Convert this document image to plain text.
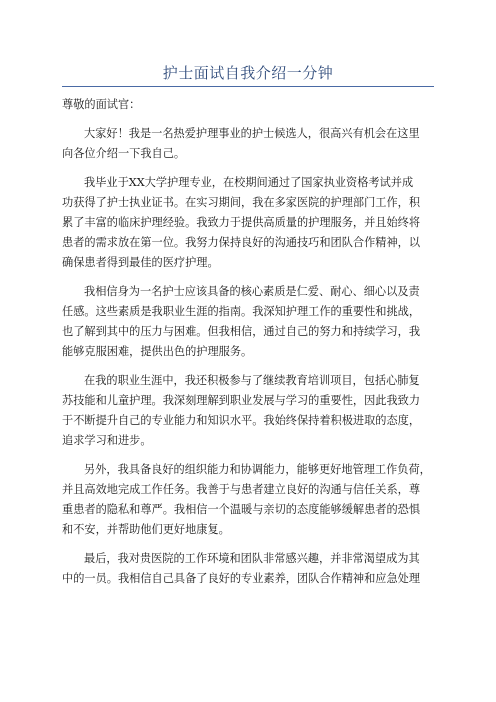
护士面试自我介绍一分钟
尊敬的面试官：
大家好！我是一名热爱护理事业的护士候选人，很高兴有机会在这里
向各位介绍一下我自己。
我毕业于XX大学护理专业，在校期间通过了国家执业资格考试并成
功获得了护士执业证书。在实习期间，我在多家医院的护理部门工作，积
累了丰富的临床护理经验。我致力于提供高质量的护理服务，并且始终将
患者的需求放在第一位。我努力保持良好的沟通技巧和团队合作精神，以
确保患者得到最佳的医疗护理。
我相信身为一名护士应该具备的核心素质是仁爱、耐心、细心以及责
任感。这些素质是我职业生涯的指南。我深知护理工作的重要性和挑战，
也了解到其中的压力与困难。但我相信，通过自己的努力和持续学习，我
能够克服困难，提供出色的护理服务。
在我的职业生涯中，我还积极参与了继续教育培训项目，包括心肺复
苏技能和儿童护理。我深刻理解到职业发展与学习的重要性，因此我致力
于不断提升自己的专业能力和知识水平。我始终保持着积极进取的态度，
追求学习和进步。
另外，我具备良好的组织能力和协调能力，能够更好地管理工作负荷，
并且高效地完成工作任务。我善于与患者建立良好的沟通与信任关系，尊
重患者的隐私和尊严。我相信一个温暖与亲切的态度能够缓解患者的恐惧
和不安，并帮助他们更好地康复。
最后，我对贵医院的工作环境和团队非常感兴趣，并非常渴望成为其
中的一员。我相信自己具备了良好的专业素养，团队合作精神和应急处理
